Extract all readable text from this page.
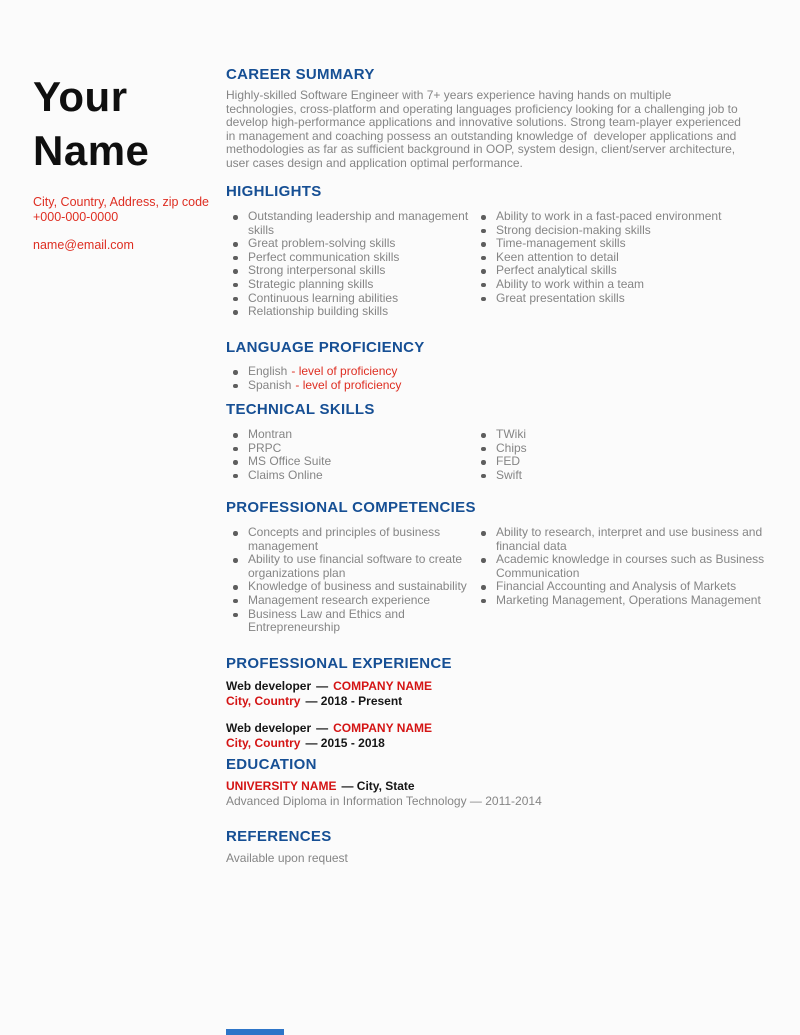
Your
Name
City, Country, Address, zip code
+000-000-0000
name@email.com
CAREER SUMMARY

Highly-skilled Software Engineer with 7+ years experience having hands on multiple technologies, cross-platform and operating languages proficiency looking for a challenging job to  develop high-performance applications and innovative solutions. Strong team-player experienced in management and coaching possess an outstanding knowledge of  developer applications and methodologies as far as sufficient background in OOP, system design, client/server architecture, user cases design and application optimal performance.

HIGHLIGHTS
Outstanding leadership and management skills
Great problem-solving skills
Perfect communication skills
Strong interpersonal skills
Strategic planning skills
Continuous learning abilities
Relationship building skills
Ability to work in a fast-paced environment
Strong decision-making skills
Time-management skills
Keen attention to detail
Perfect analytical skills
Ability to work within a team
Great presentation skills
LANGUAGE PROFICIENCY
English - level of proficiency
Spanish - level of proficiency
TECHNICAL SKILLS
Montran
PRPC
MS Office Suite
Claims Online
TWiki
Chips
FED
Swift
PROFESSIONAL COMPETENCIES
Concepts and principles of business management
Ability to use financial software to create organizations plan
Knowledge of business and sustainability
Management research experience
Business Law and Ethics and Entrepreneurship
Ability to research, interpret and use business and financial data
Academic knowledge in courses such as Business Communication
Financial Accounting and Analysis of Markets
Marketing Management, Operations Management
PROFESSIONAL EXPERIENCE
Web developer — COMPANY NAME
City, Country — 2018 - Present
Web developer — COMPANY NAME
City, Country — 2015 - 2018
EDUCATION
UNIVERSITY NAME — City, State
Advanced Diploma in Information Technology — 2011-2014
REFERENCES

Available upon request
